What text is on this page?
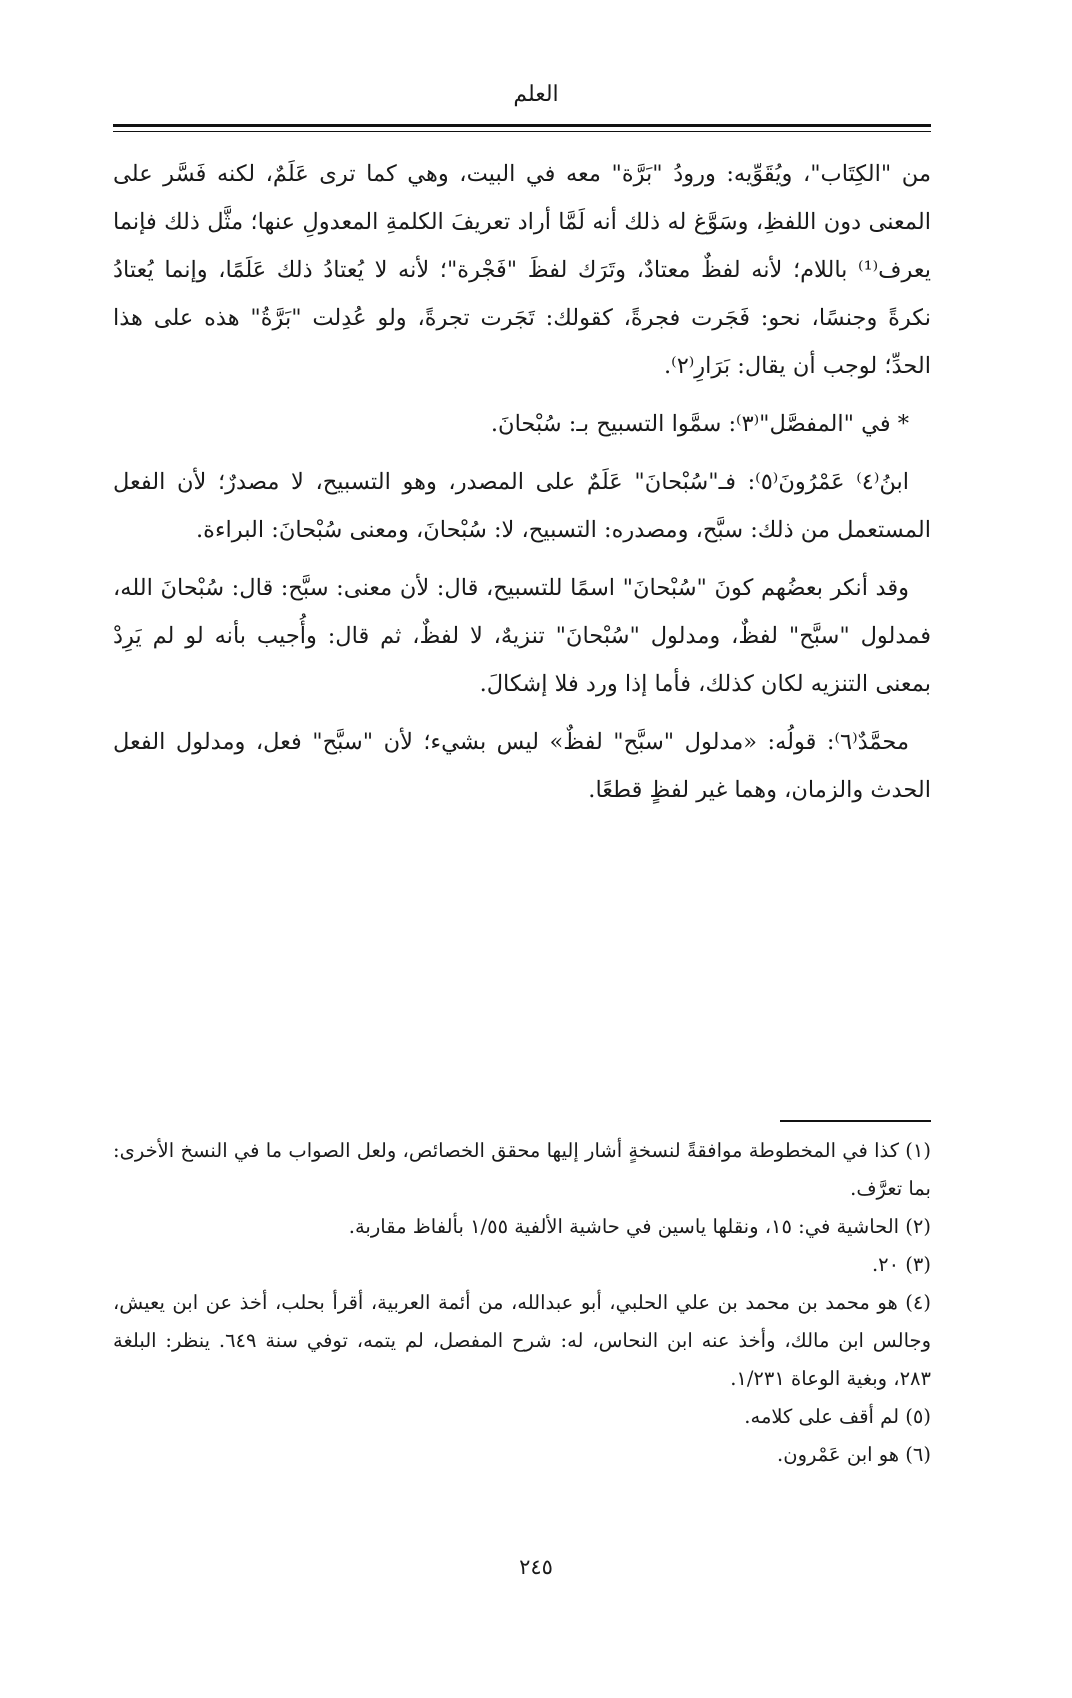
العلم

من "الكِتَاب"، ويُقَوِّيه: ورودُ "بَرَّة" معه في البيت، وهي كما ترى عَلَمٌ، لكنه فَسَّر على المعنى دون اللفظِ، وسَوَّغ له ذلك أنه لَمَّا أراد تعريفَ الكلمةِ المعدولِ عنها؛ مثَّل ذلك فإنما يعرف⁽¹⁾ باللام؛ لأنه لفظٌ معتادٌ، وتَرَك لفظَ "فَجْرة"؛ لأنه لا يُعتادُ ذلك عَلَمًا، وإنما يُعتادُ نكرةً وجنسًا، نحو: فَجَرت فجرةً، كقولك: تَجَرت تجرةً، ولو عُدِلت "بَرَّةُ" هذه على هذا الحدِّ؛ لوجب أن يقال: بَرَارِ⁽٢⁾.

* في "المفصَّل"⁽٣⁾: سمَّوا التسبيح بـ: سُبْحانَ.

ابنُ⁽٤⁾ عَمْرُونَ⁽٥⁾: فـ"سُبْحانَ" عَلَمٌ على المصدر، وهو التسبيح، لا مصدرٌ؛ لأن الفعل المستعمل من ذلك: سبَّح، ومصدره: التسبيح، لا: سُبْحانَ، ومعنى سُبْحانَ: البراءة.

وقد أنكر بعضُهم كونَ "سُبْحانَ" اسمًا للتسبيح، قال: لأن معنى: سبَّح: قال: سُبْحانَ الله، فمدلول "سبَّح" لفظٌ، ومدلول "سُبْحانَ" تنزيهٌ، لا لفظٌ، ثم قال: وأُجيب بأنه لو لم يَرِدْ بمعنى التنزيه لكان كذلك، فأما إذا ورد فلا إشكالَ.

محمَّدٌ⁽٦⁾: قولُه: «مدلول "سبَّح" لفظٌ» ليس بشيء؛ لأن "سبَّح" فعل، ومدلول الفعل الحدث والزمان، وهما غير لفظٍ قطعًا.

(١) كذا في المخطوطة موافقةً لنسخةٍ أشار إليها محقق الخصائص، ولعل الصواب ما في النسخ الأخرى: بما تعرَّف.

(٢) الحاشية في: ١٥، ونقلها ياسين في حاشية الألفية ١/٥٥ بألفاظ مقاربة.

(٣) ٢٠.

(٤) هو محمد بن محمد بن علي الحلبي، أبو عبدالله، من أئمة العربية، أقرأ بحلب، أخذ عن ابن يعيش، وجالس ابن مالك، وأخذ عنه ابن النحاس، له: شرح المفصل، لم يتمه، توفي سنة ٦٤٩. ينظر: البلغة ٢٨٣، وبغية الوعاة ١/٢٣١.

(٥) لم أقف على كلامه.

(٦) هو ابن عَمْرون.

٢٤٥
